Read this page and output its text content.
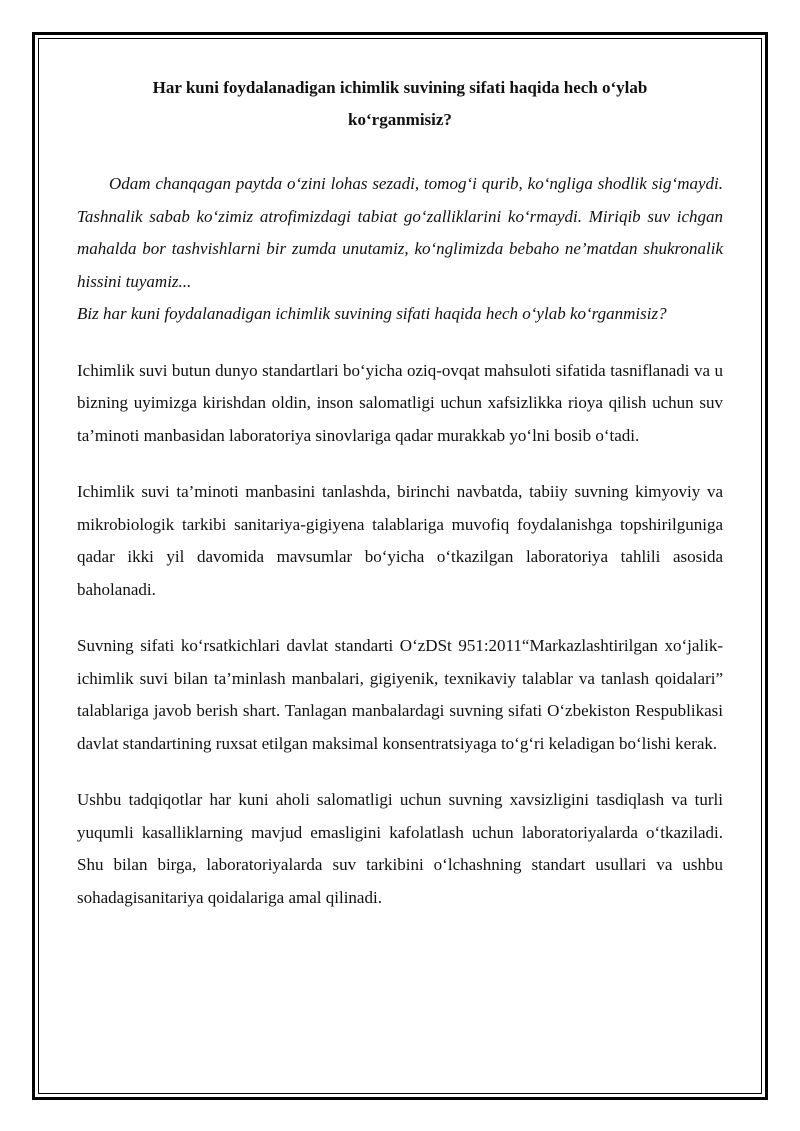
Har kuni foydalanadigan ichimlik suvining sifati haqida hech o‘ylab ko‘rganmisiz?

Odam chanqagan paytda o‘zini lohas sezadi, tomog‘i qurib, ko‘ngliga shodlik sig‘maydi. Tashnalik sabab ko‘zimiz atrofimizdagi tabiat go‘zalliklarini ko‘rmaydi. Miriqib suv ichgan mahalda bor tashvishlarni bir zumda unutamiz, ko‘nglimizda bebaho ne’matdan shukronalik hissini tuyamiz...

Biz har kuni foydalanadigan ichimlik suvining sifati haqida hech o‘ylab ko‘rganmisiz?

Ichimlik suvi butun dunyo standartlari bo‘yicha oziq-ovqat mahsuloti sifatida tasniflanadi va u bizning uyimizga kirishdan oldin, inson salomatligi uchun xafsizlikka rioya qilish uchun suv ta’minoti manbasidan laboratoriya sinovlariga qadar murakkab yo‘lni bosib o‘tadi.

Ichimlik suvi ta’minoti manbasini tanlashda, birinchi navbatda, tabiiy suvning kimyoviy va mikrobiologik tarkibi sanitariya-gigiyena talablariga muvofiq foydalanishga topshirilguniga qadar ikki yil davomida mavsumlar bo‘yicha o‘tkazilgan laboratoriya tahlili asosida baholanadi.

Suvning sifati ko‘rsatkichlari davlat standarti O‘zDSt 951:2011“Markazlashtirilgan xo‘jalik-ichimlik suvi bilan ta’minlash manbalari, gigiyenik, texnikaviy talablar va tanlash qoidalari” talablariga javob berish shart. Tanlagan manbalardagi suvning sifati O‘zbekiston Respublikasi davlat standartining ruxsat etilgan maksimal konsentratsiyaga to‘g‘ri keladigan bo‘lishi kerak.

Ushbu tadqiqotlar har kuni aholi salomatligi uchun suvning xavsizligini tasdiqlash va turli yuqumli kasalliklarning mavjud emasligini kafolatlash uchun laboratoriyalarda o‘tkaziladi. Shu bilan birga, laboratoriyalarda suv tarkibini o‘lchashning standart usullari va ushbu sohadagisanitariya qoidalariga amal qilinadi.
